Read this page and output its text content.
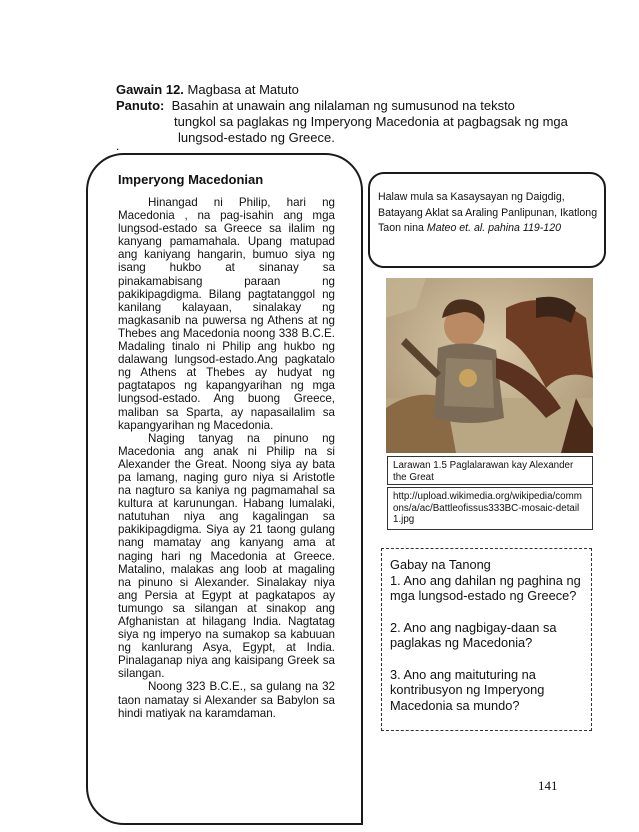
Gawain 12. Magbasa at Matuto
Panuto: Basahin at unawain ang nilalaman ng sumusunod na teksto
tungkol sa paglakas ng Imperyong Macedonia at pagbagsak ng mga
lungsod-estado ng Greece.
.
Imperyong Macedonian

Hinangad ni Philip, hari ng Macedonia , na pag-isahin ang mga lungsod-estado sa Greece sa ilalim ng kanyang pamamahala. Upang matupad ang kaniyang hangarin, bumuo siya ng isang hukbo at sinanay sa pinakamabisang paraan ng pakikipagdigma. Bilang pagtatanggol ng kanilang kalayaan, sinalakay ng magkasanib na puwersa ng Athens at ng Thebes ang Macedonia noong 338 B.C.E. Madaling tinalo ni Philip ang hukbo ng dalawang lungsod-estado.Ang pagkatalo ng Athens at Thebes ay hudyat ng pagtatapos ng kapangyarihan ng mga lungsod-estado. Ang buong Greece, maliban sa Sparta, ay napasailalim sa kapangyarihan ng Macedonia.

Naging tanyag na pinuno ng Macedonia ang anak ni Philip na si Alexander the Great. Noong siya ay bata pa lamang, naging guro niya si Aristotle na nagturo sa kaniya ng pagmamahal sa kultura at karunungan. Habang lumalaki, natutuhan niya ang kagalingan sa pakikipagdigma. Siya ay 21 taong gulang nang mamatay ang kanyang ama at naging hari ng Macedonia at Greece. Matalino, malakas ang loob at magaling na pinuno si Alexander. Sinalakay niya ang Persia at Egypt at pagkatapos ay tumungo sa silangan at sinakop ang Afghanistan at hilagang India. Nagtatag siya ng imperyo na sumakop sa kabuuan ng kanlurang Asya, Egypt, at India. Pinalaganap niya ang kaisipang Greek sa silangan.

Noong 323 B.C.E., sa gulang na 32 taon namatay si Alexander sa Babylon sa hindi matiyak na karamdaman.

Halaw mula sa Kasaysayan ng Daigdig, Batayang Aklat sa Araling Panlipunan, Ikatlong Taon nina Mateo et. al. pahina 119-120
Larawan 1.5 Paglalarawan kay Alexander the Great
http://upload.wikimedia.org/wikipedia/commons/a/ac/Battleofissus333BC-mosaic-detail1.jpg

Gabay na Tanong

1. Ano ang dahilan ng paghina ng mga lungsod-estado ng Greece?

2. Ano ang nagbigay-daan sa paglakas ng Macedonia?

3. Ano ang maituturing na kontribusyon ng Imperyong Macedonia sa mundo?

141
